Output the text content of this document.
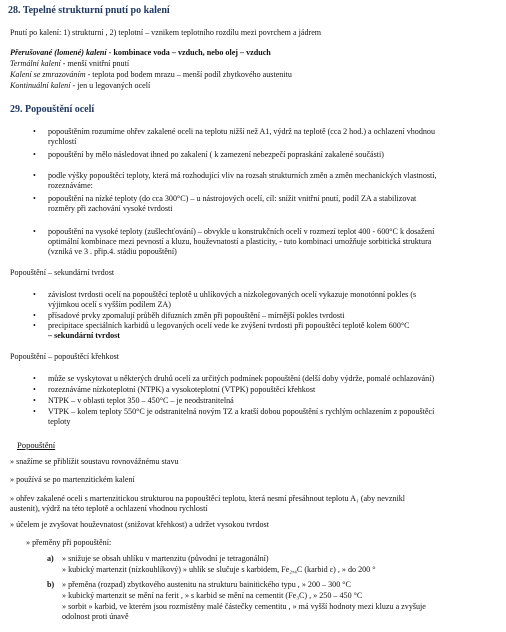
28. Tepelné strukturní pnutí po kalení
Pnutí po kalení: 1) strukturní , 2) teplotní – vznikem teplotního rozdílu mezi povrchem a jádrem
Přerušované (lomené) kalení - kombinace voda – vzduch, nebo olej – vzduch
Termální kalení - menší vnitřní pnutí
Kalení se zmrazováním - teplota pod bodem mrazu – menší podíl zbytkového austenitu
Kontinuální kalení - jen u legovaných ocelí
29. Popouštění ocelí
• popouštěním rozumíme ohřev zakalené oceli na teplotu nižší než A1, výdrž na teplotě (cca 2 hod.) a ochlazení vhodnou
rychlostí
• popouštění by mělo následovat ihned po zakalení ( k zamezení nebezpečí popraskání zakalené součásti)
• podle výšky popouštěcí teploty, která má rozhodující vliv na rozsah strukturních změn a změn mechanických vlastností,
rozeznáváme:
• popouštění na nízké teploty (do cca 300°C) – u nástrojových ocelí, cíl: snížit vnitřní pnutí, podíl ZA a stabilizovat
rozměry při zachování vysoké tvrdosti
• popouštění na vysoké teploty (zušlechťování) – obvykle u konstrukčních ocelí v rozmezí teplot 400 - 600°C k dosažení
optimální kombinace mezi pevností a kluzu, houževnatostí a plasticity, - tuto kombinaci umožňuje sorbitická struktura
(vzniká ve 3 . přip.4. stádiu popouštění)
Popouštění – sekundární tvrdost
• závislost tvrdosti ocelí na popouštěcí teplotě u uhlíkových a nízkolegovaných ocelí vykazuje monotónní pokles (s
výjimkou ocelí s vyšším podílem ZA)
• přísadové prvky zpomalují průběh difuzních změn při popouštění – mírnější pokles tvrdosti
• precipitace speciálních karbidů u legovaných ocelí vede ke zvýšení tvrdosti při popouštěcí teplotě kolem 600°C
– sekundární tvrdost
Popouštění – popouštěcí křehkost
• může se vyskytovat u některých druhů ocelí za určitých podmínek popouštění (delší doby výdrže, pomalé ochlazování)
• rozeznáváme nízkoteplotní (NTPK) a vysokoteplotní (VTPK) popouštěcí křehkost
• NTPK – v oblasti teplot 350 – 450°C – je neodstranitelná
• VTPK – kolem teploty 550°C je odstranitelná novým TZ a kratší dobou popouštění s rychlým ochlazením z popouštěcí
teploty
Popouštění
» snažíme se přiblížit soustavu rovnovážnému stavu
» používá se po martenzitickém kalení
» ohřev zakalené oceli s martenzitickou strukturou na popouštěcí teplotu, která nesmí přesáhnout teplotu A₁ (aby nevznikl
austenit), výdrž na této teplotě a ochlazení vhodnou rychlostí
» účelem je zvyšovat houževnatost (snižovat křehkost) a udržet vysokou tvrdost
» přeměny při popouštění:
a) » snižuje se obsah uhlíku v martenzitu (původní je tetragonální)
» kubický martenzit (nízkouhlíkový) » uhlík se slučuje s karbidem, Fe₂,₄C (karbid ε) , » do 200 °
b) » přeměna (rozpad) zbytkového austenitu na strukturu bainitického typu , » 200 – 300 °C
» kubický martenzit se mění na ferit , » s karbid se mění na cementit (Fe₃C) , » 250 – 450 °C
» sorbit » karbid, ve kterém jsou rozmístěny malé částečky cementitu , » má vyšší hodnoty mezi kluzu a zvyšuje
odolnost proti únavě
